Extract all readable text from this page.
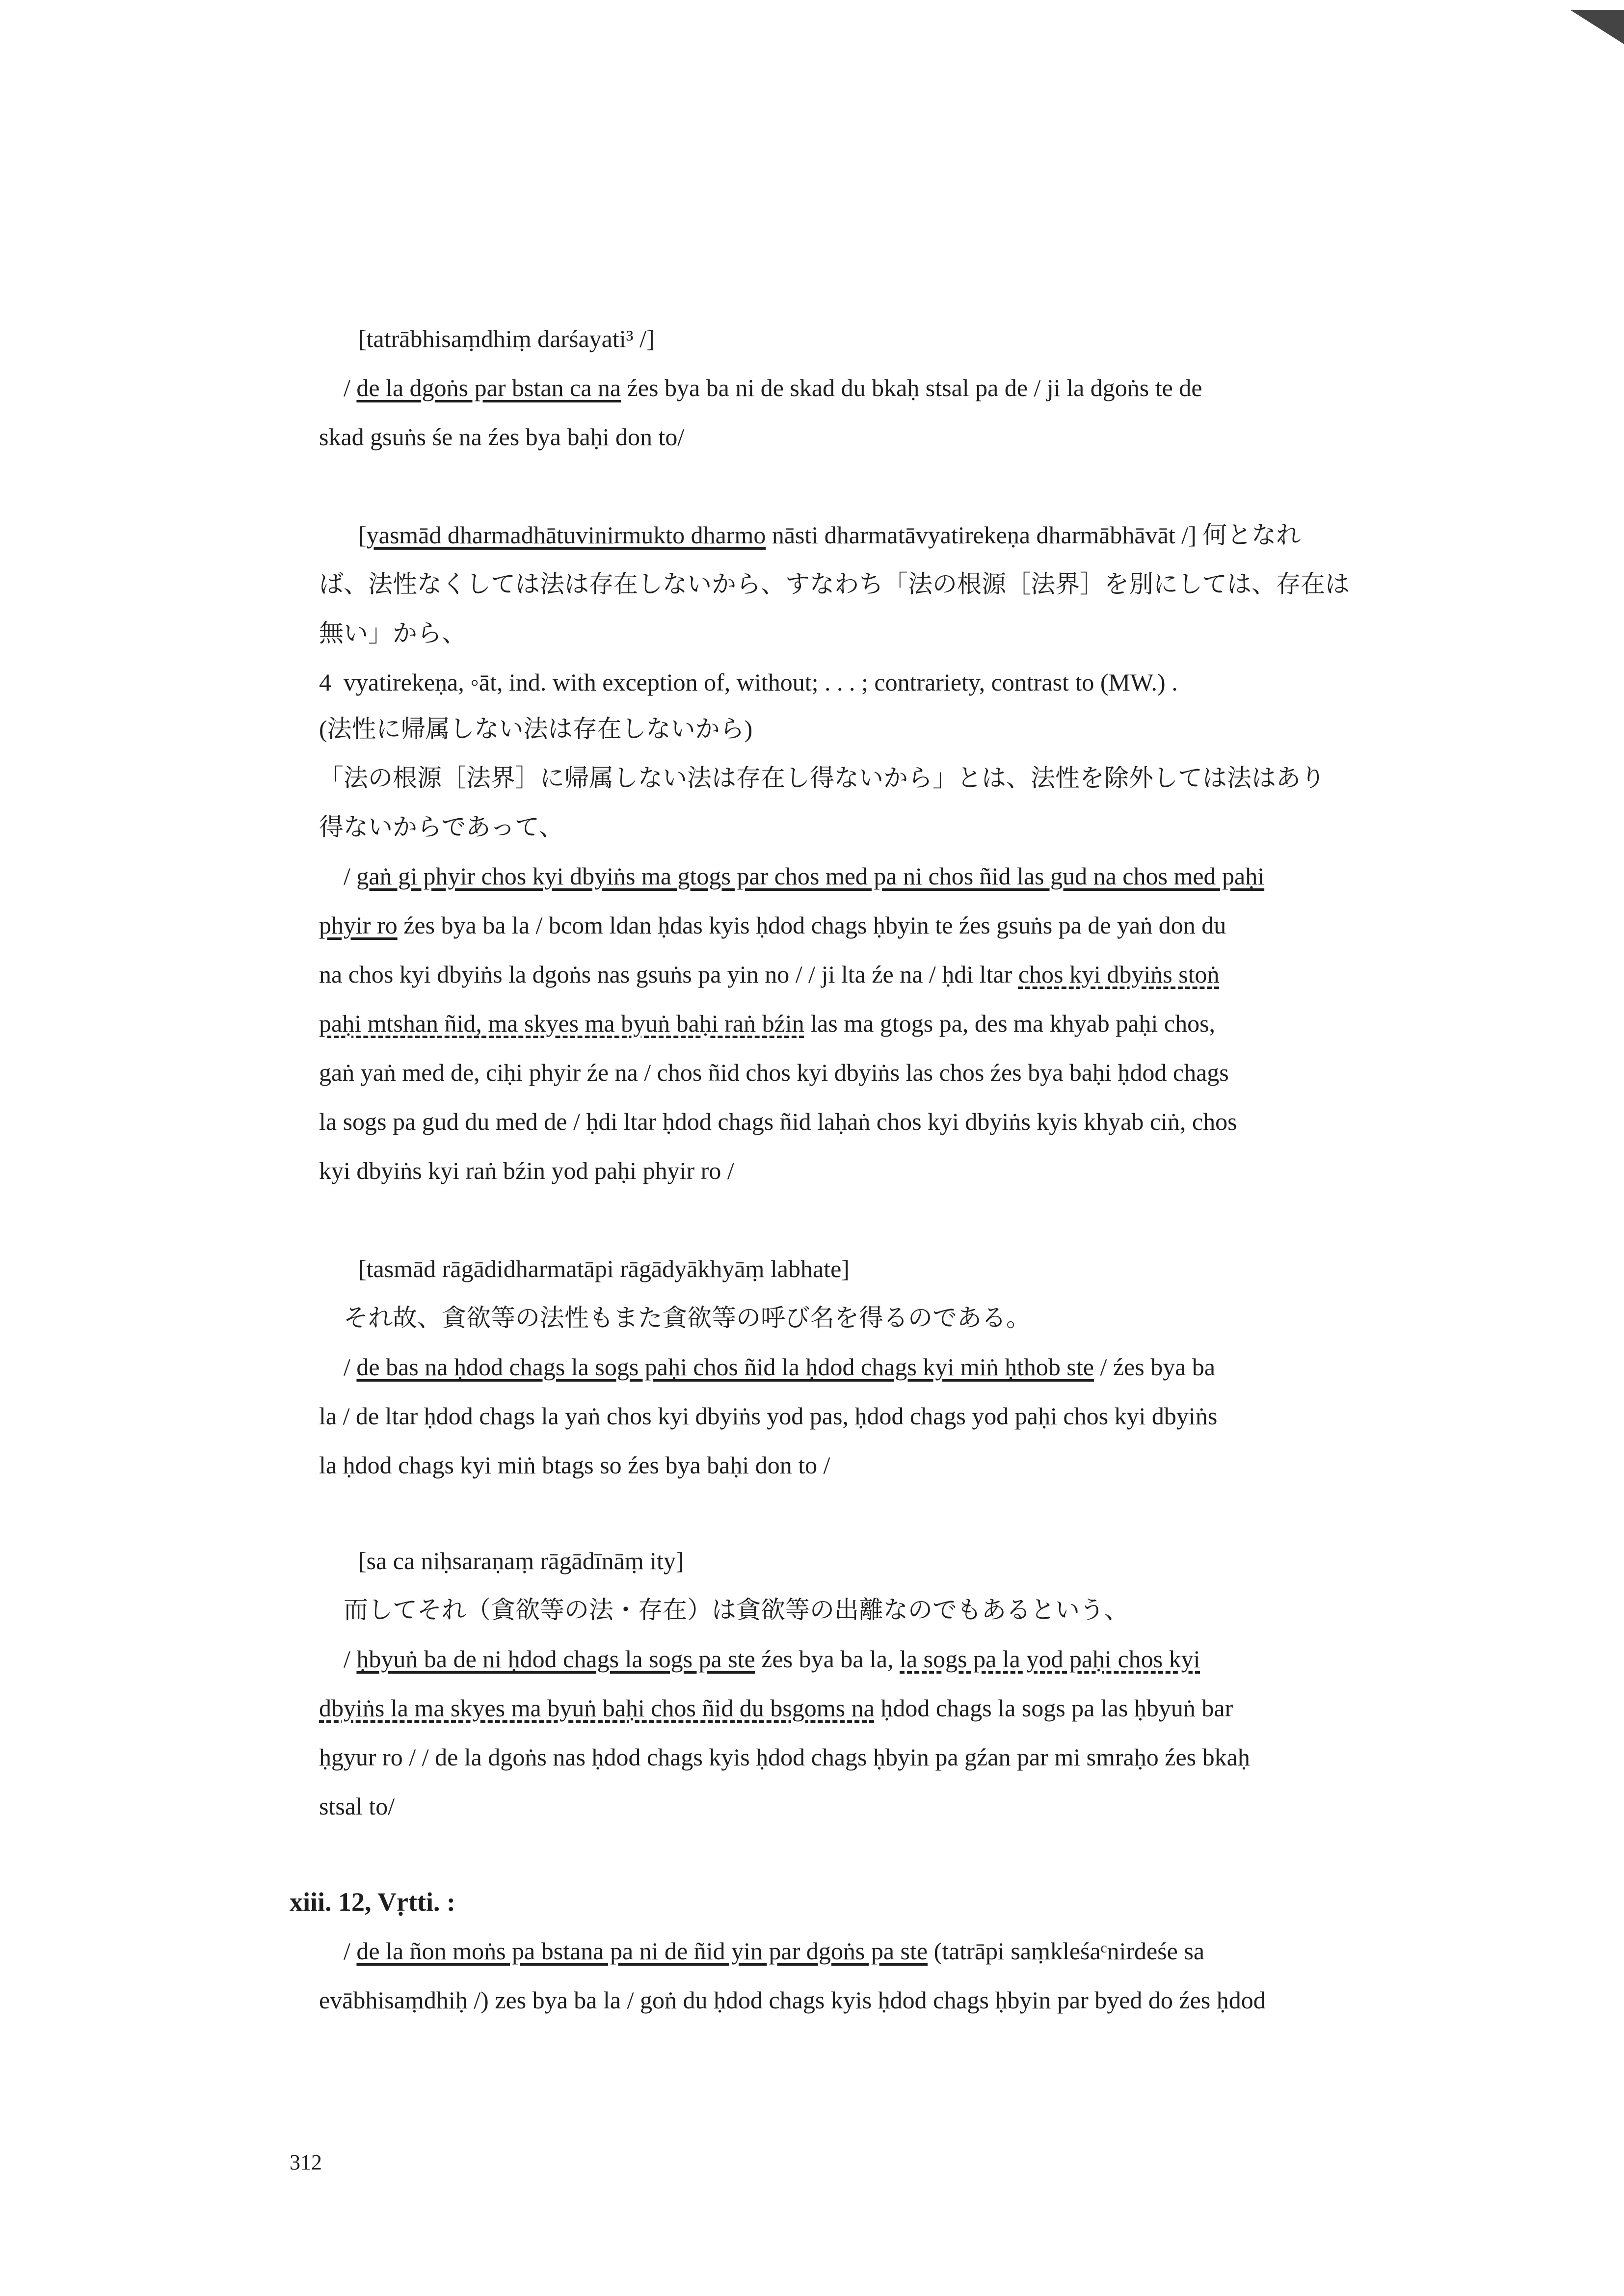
[tatrābhisaṃdhiṃ darśayati³ /]
/ de la dgoṅs par bstan ca na źes bya ba ni de skad du bkaḥ stsal pa de / ji la dgoṅs te de
skad gsuṅs śe na źes bya baḥi don to/
[yasmād dharmadhātuvinirmukto dharmo nāsti dharmatāvyatirekeṇa dharmābhāvāt /] 何となれ
ば、法性なくしては法は存在しないから、すなわち「法の根源［法界］を別にしては、存在は
無い」から、
4  vyatirekeṇa, ◦āt, ind. with exception of, without; . . . ; contrariety, contrast to (MW.) .
(法性に帰属しない法は存在しないから)
「法の根源［法界］に帰属しない法は存在し得ないから」とは、法性を除外しては法はあり
得ないからであって、
/ gaṅ gi phyir chos kyi dbyiṅs ma gtogs par chos med pa ni chos ñid las gud na chos med paḥi
phyir ro źes bya ba la / bcom ldan ḥdas kyis ḥdod chags ḥbyin te źes gsuṅs pa de yaṅ don du
na chos kyi dbyiṅs la dgoṅs nas gsuṅs pa yin no / / ji lta źe na / ḥdi ltar chos kyi dbyiṅs stoṅ
paḥi mtshan ñid, ma skyes ma byuṅ baḥi raṅ bźin las ma gtogs pa, des ma khyab paḥi chos,
gaṅ yaṅ med de, ciḥi phyir źe na / chos ñid chos kyi dbyiṅs las chos źes bya baḥi ḥdod chags
la sogs pa gud du med de / ḥdi ltar ḥdod chags ñid laḥaṅ chos kyi dbyiṅs kyis khyab ciṅ, chos
kyi dbyiṅs kyi raṅ bźin yod paḥi phyir ro /
[tasmād rāgādidharmatāpi rāgādyākhyāṃ labhate]
それ故、貪欲等の法性もまた貪欲等の呼び名を得るのである。
/ de bas na ḥdod chags la sogs paḥi chos ñid la ḥdod chags kyi miṅ ḥthob ste / źes bya ba
la / de ltar ḥdod chags la yaṅ chos kyi dbyiṅs yod pas, ḥdod chags yod paḥi chos kyi dbyiṅs
la ḥdod chags kyi miṅ btags so źes bya baḥi don to /
[sa ca niḥsaraṇaṃ rāgādīnāṃ ity]
而してそれ（貪欲等の法・存在）は貪欲等の出離なのでもあるという、
/ ḥbyuṅ ba de ni ḥdod chags la sogs pa ste źes bya ba la, la sogs pa la yod paḥi chos kyi
dbyiṅs la ma skyes ma byuṅ baḥi chos ñid du bsgoms na ḥdod chags la sogs pa las ḥbyuṅ bar
ḥgyur ro / / de la dgoṅs nas ḥdod chags kyis ḥdod chags ḥbyin pa gźan par mi smraḥo źes bkaḥ
stsal to/
xiii. 12, Vṛtti. :
/ de la ñon moṅs pa bstana pa ni de ñid yin par dgoṅs pa ste (tatrāpi saṃkleśaᶜnirdeśe sa
evābhisaṃdhiḥ /) zes bya ba la / goṅ du ḥdod chags kyis ḥdod chags ḥbyin par byed do źes ḥdod
312
